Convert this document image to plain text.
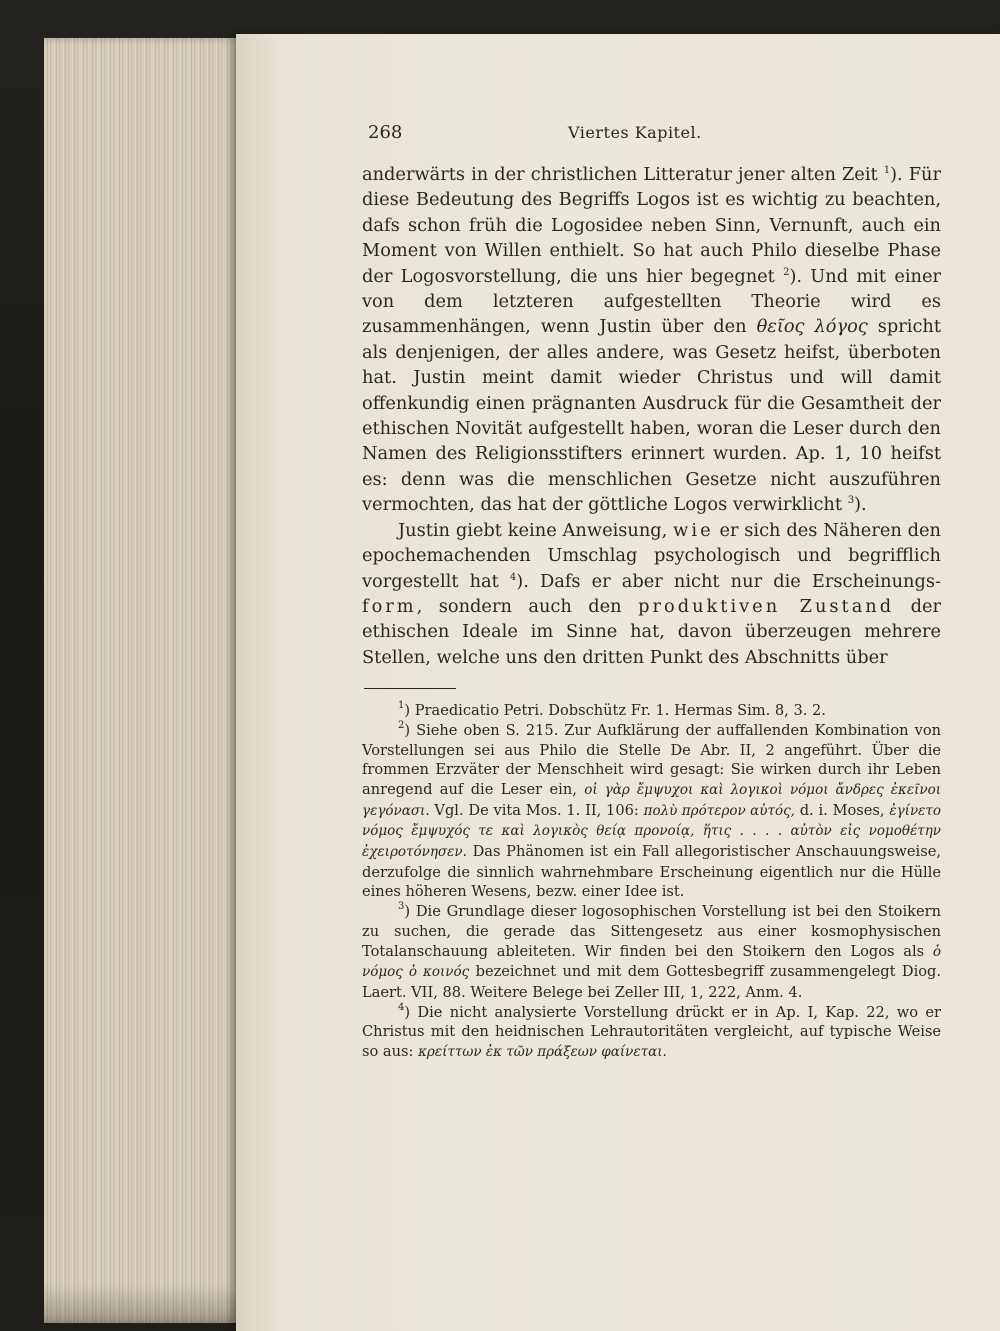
268	Viertes Kapitel.

anderwärts in der christlichen Litteratur jener alten Zeit $^1$). Für diese Bedeutung des Begriffs Logos ist es wichtig zu beachten, dafs schon früh die Logosidee neben Sinn, Vernunft, auch ein Moment von Willen enthielt. So hat auch Philo dieselbe Phase der Logosvorstellung, die uns hier begegnet $^2$). Und mit einer von dem letzteren aufgestellten Theorie wird es zusammenhängen, wenn Justin über den θεῖος λόγος spricht als denjenigen, der alles andere, was Gesetz heifst, überboten hat. Justin meint damit wieder Christus und will damit offenkundig einen prägnanten Ausdruck für die Gesamtheit der ethischen Novität aufgestellt haben, woran die Leser durch den Namen des Religionsstifters erinnert wurden. Ap. 1, 10 heifst es: denn was die menschlichen Gesetze nicht auszuführen vermochten, das hat der göttliche Logos verwirklicht $^3$).

Justin giebt keine Anweisung, wie er sich des Näheren den epochemachenden Umschlag psychologisch und begrifflich vorgestellt hat $^4$). Dafs er aber nicht nur die Erscheinungs- form, sondern auch den produktiven Zustand der ethischen Ideale im Sinne hat, davon überzeugen mehrere Stellen, welche uns den dritten Punkt des Abschnitts über

$^1$) Praedicatio Petri. Dobschütz Fr. 1. Hermas Sim. 8, 3. 2.

$^2$) Siehe oben S. 215. Zur Aufklärung der auffallenden Kombination von Vorstellungen sei aus Philo die Stelle De Abr. II, 2 angeführt. Über die frommen Erzväter der Menschheit wird gesagt: Sie wirken durch ihr Leben anregend auf die Leser ein, οἱ γὰρ ἔμψυχοι καὶ λογικοὶ νόμοι ἄνδρες ἐκεῖνοι γεγόνασι. Vgl. De vita Mos. 1. II, 106: πολὺ πρότερον αὐτός, d. i. Moses, ἐγίνετο νόμος ἔμψυχός τε καὶ λογικὸς θείᾳ προνοίᾳ, ἥτις . . . . αὐτὸν εἰς νομοθέτην ἐχειροτόνησεν. Das Phänomen ist ein Fall allegoristischer Anschauungsweise, derzufolge die sinnlich wahrnehmbare Erscheinung eigentlich nur die Hülle eines höheren Wesens, bezw. einer Idee ist.

$^3$) Die Grundlage dieser logosophischen Vorstellung ist bei den Stoikern zu suchen, die gerade das Sittengesetz aus einer kosmophysischen Totalanschauung ableiteten. Wir finden bei den Stoikern den Logos als ὁ νόμος ὁ κοινός bezeichnet und mit dem Gottesbegriff zusammengelegt Diog. Laert. VII, 88. Weitere Belege bei Zeller III, 1, 222, Anm. 4.

$^4$) Die nicht analysierte Vorstellung drückt er in Ap. I, Kap. 22, wo er Christus mit den heidnischen Lehrautoritäten vergleicht, auf typische Weise so aus: κρείττων ἐκ τῶν πράξεων φαίνεται.
